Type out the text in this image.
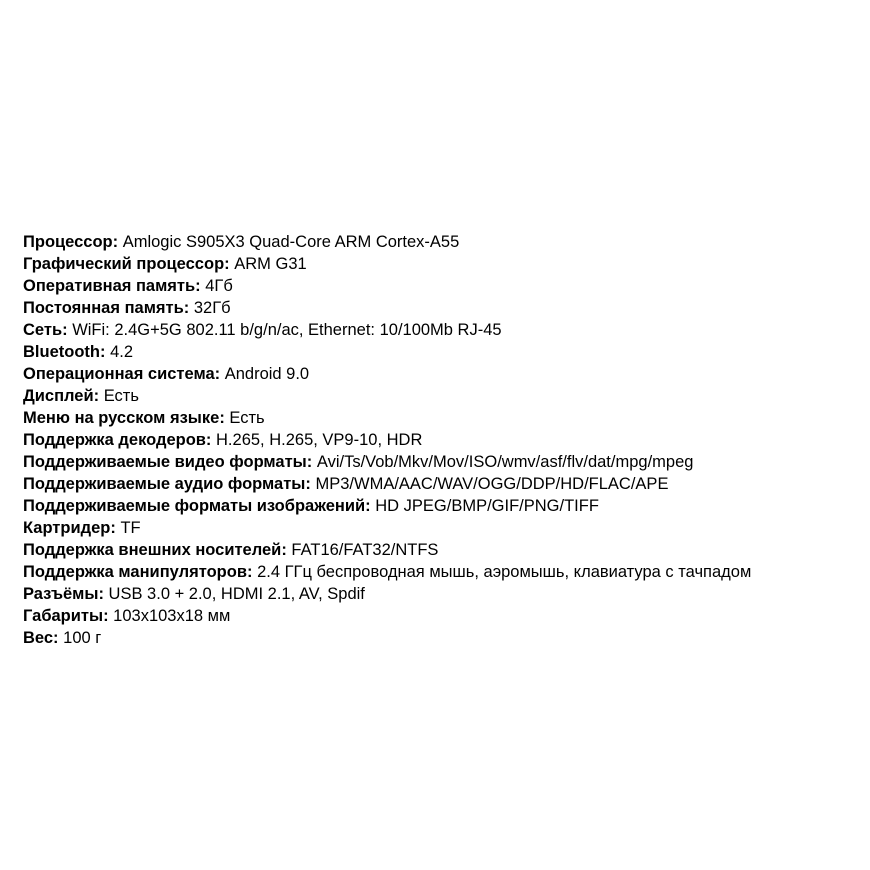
Процессор: Amlogic S905X3 Quad-Core ARM Cortex-A55
Графический процессор: ARM G31
Оперативная память: 4Гб
Постоянная память: 32Гб
Сеть: WiFi: 2.4G+5G 802.11 b/g/n/ac, Ethernet: 10/100Mb RJ-45
Bluetooth: 4.2
Операционная система: Android 9.0
Дисплей: Есть
Меню на русском языке: Есть
Поддержка декодеров: H.265, H.265, VP9-10, HDR
Поддерживаемые видео форматы: Avi/Ts/Vob/Mkv/Mov/ISO/wmv/asf/flv/dat/mpg/mpeg
Поддерживаемые аудио форматы: MP3/WMA/AAC/WAV/OGG/DDP/HD/FLAC/APE
Поддерживаемые форматы изображений: HD JPEG/BMP/GIF/PNG/TIFF
Картридер: TF
Поддержка внешних носителей: FAT16/FAT32/NTFS
Поддержка манипуляторов: 2.4 ГГц беспроводная мышь, аэромышь, клавиатура с тачпадом
Разъёмы: USB 3.0 + 2.0, HDMI 2.1, AV, Spdif
Габариты: 103x103x18 мм
Вес: 100 г
